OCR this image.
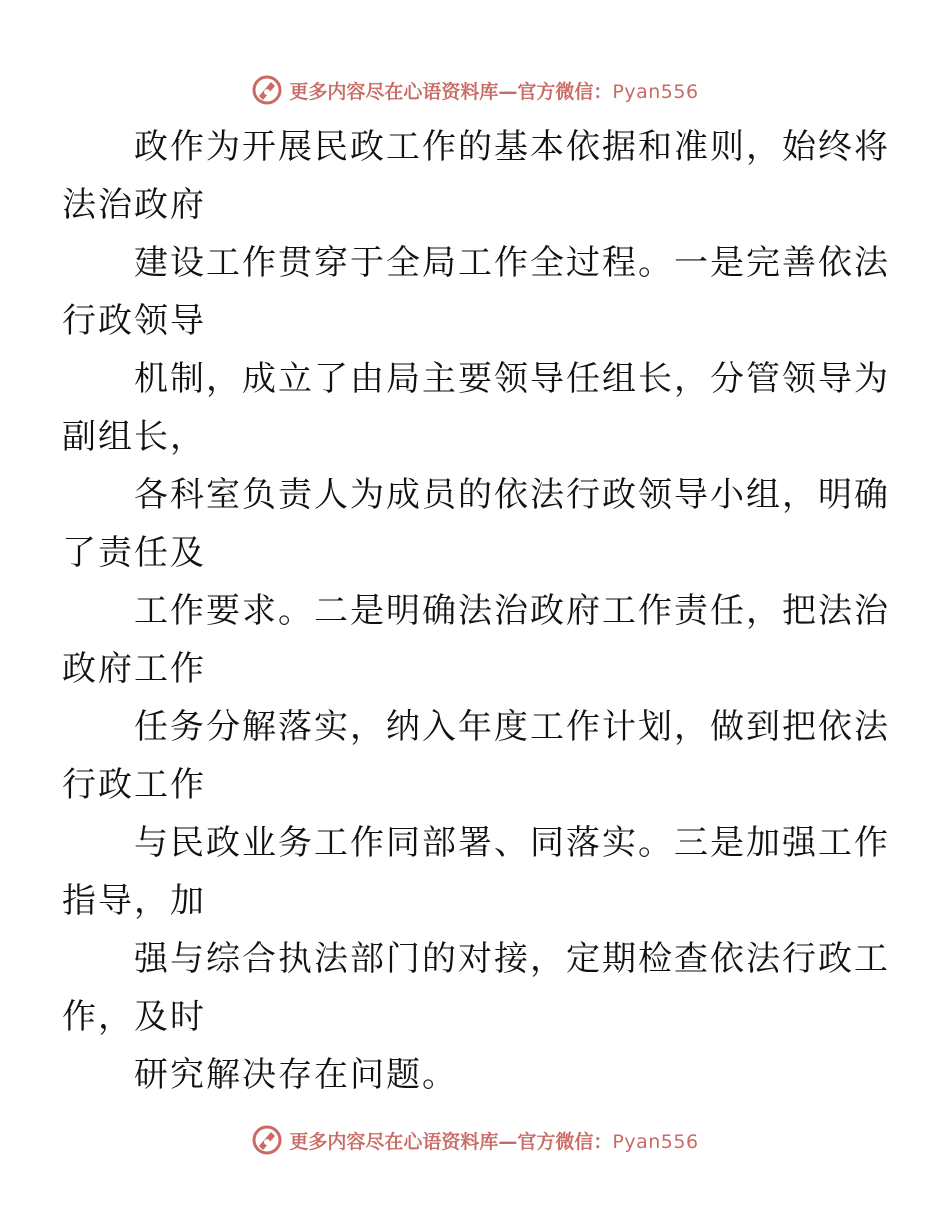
更多内容尽在心语资料库—官方微信：Pyan556

政作为开展民政工作的基本依据和准则，始终将
法治政府

建设工作贯穿于全局工作全过程。一是完善依法
行政领导

机制，成立了由局主要领导任组长，分管领导为
副组长，

各科室负责人为成员的依法行政领导小组，明确
了责任及

工作要求。二是明确法治政府工作责任，把法治
政府工作

任务分解落实，纳入年度工作计划，做到把依法
行政工作

与民政业务工作同部署、同落实。三是加强工作
指导，加

强与综合执法部门的对接，定期检查依法行政工
作，及时

研究解决存在问题。

更多内容尽在心语资料库—官方微信：Pyan556
